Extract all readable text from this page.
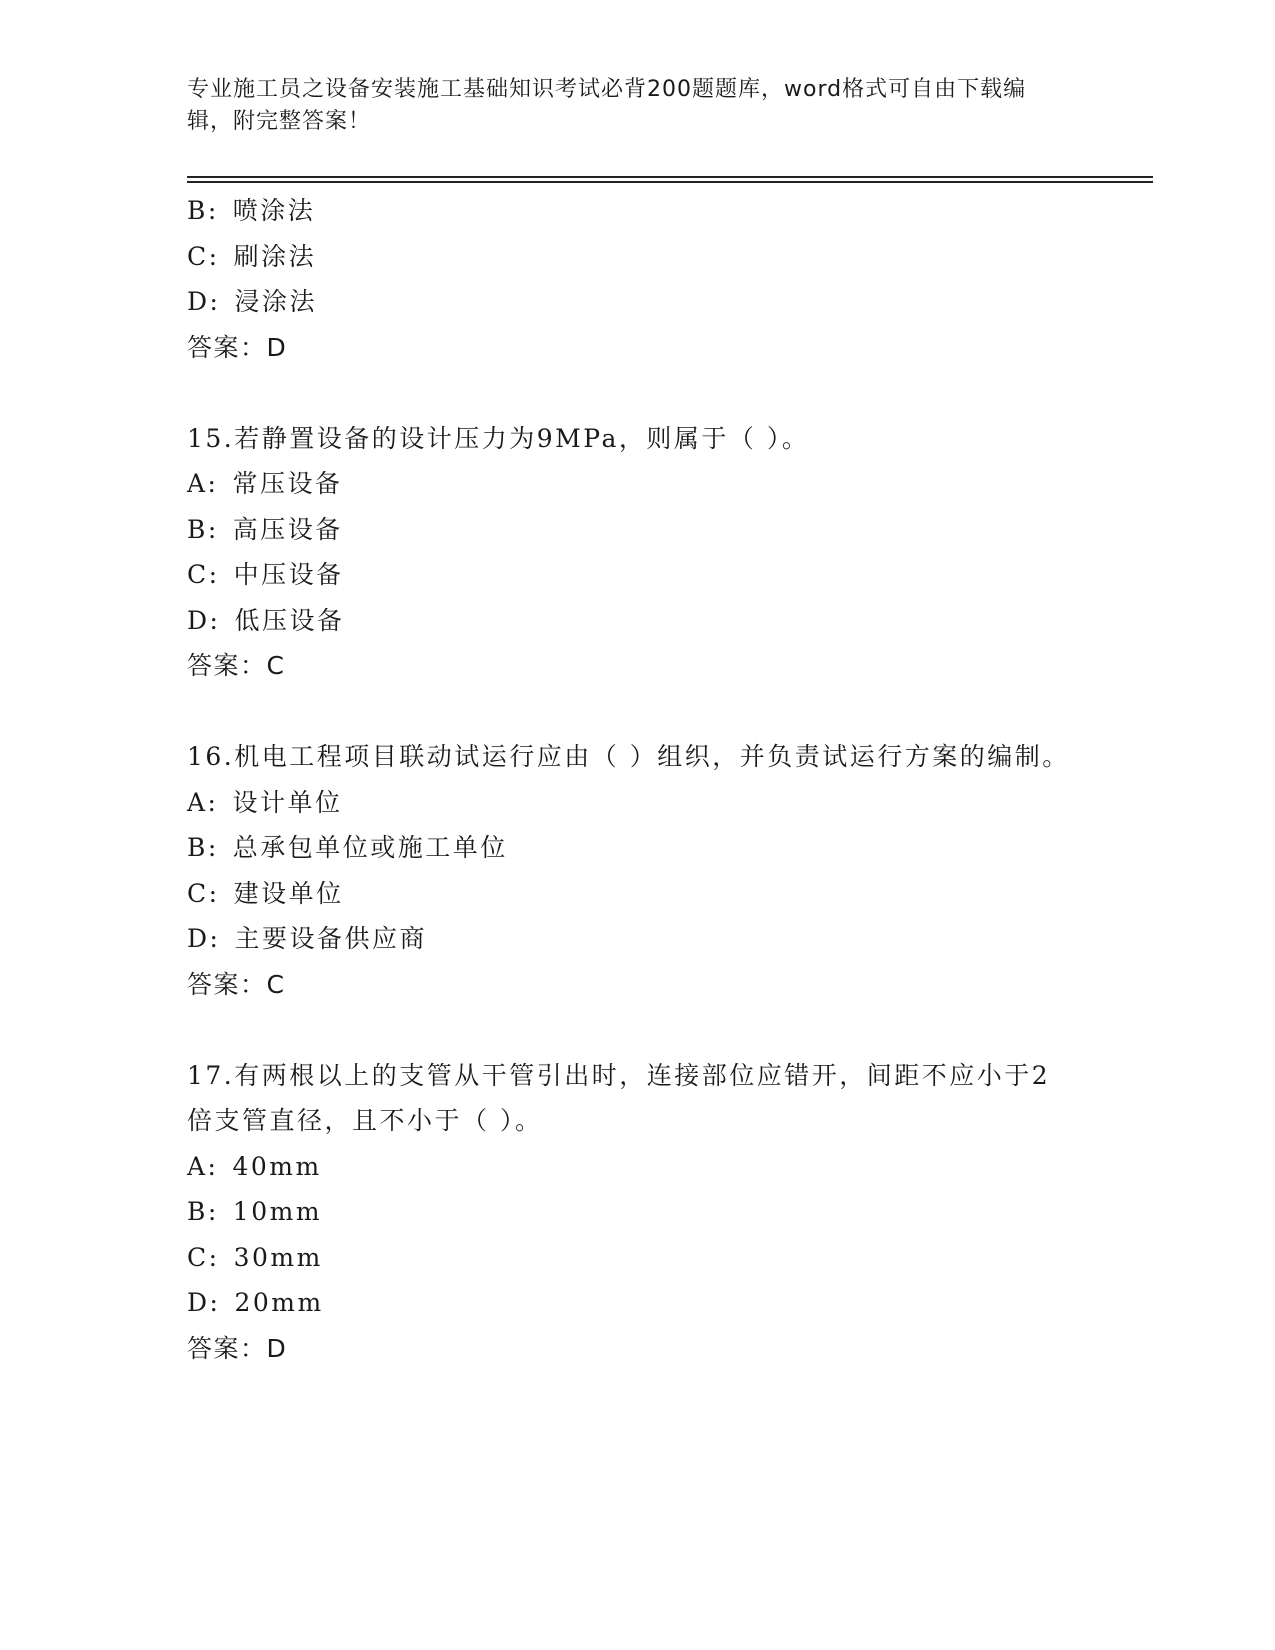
专业施工员之设备安装施工基础知识考试必背200题题库，word格式可自由下载编辑，附完整答案！
B: 喷涂法
C: 刷涂法
D: 浸涂法
答案：D
15.若静置设备的设计压力为9MPa，则属于（ ）。
A: 常压设备
B: 高压设备
C: 中压设备
D: 低压设备
答案：C
16.机电工程项目联动试运行应由（ ）组织，并负责试运行方案的编制。
A: 设计单位
B: 总承包单位或施工单位
C: 建设单位
D: 主要设备供应商
答案：C
17.有两根以上的支管从干管引出时，连接部位应错开，间距不应小于2倍支管直径，且不小于（ ）。
A: 40mm
B: 10mm
C: 30mm
D: 20mm
答案：D
